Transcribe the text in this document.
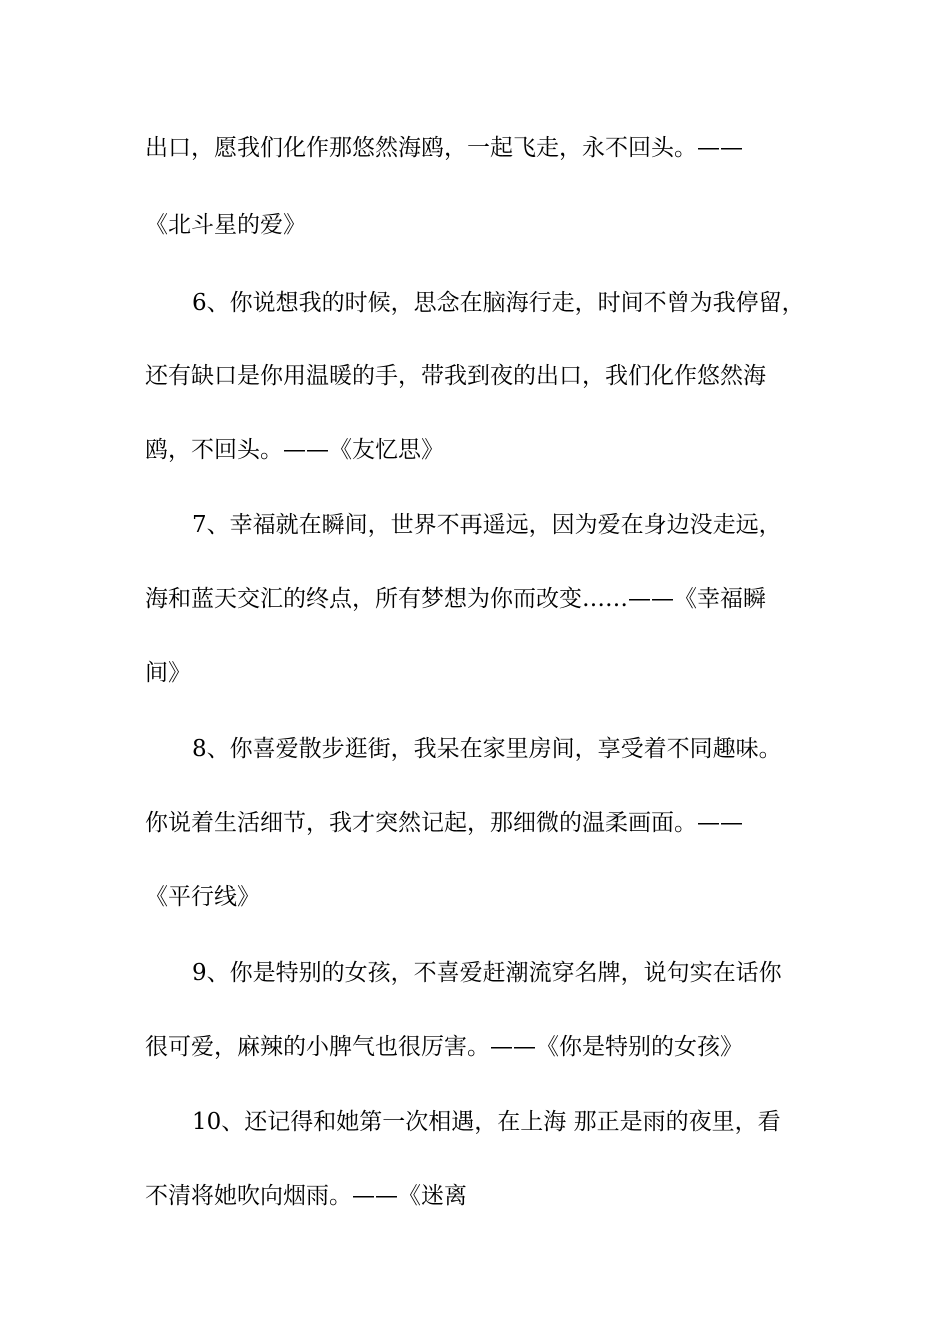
出口，愿我们化作那悠然海鸥，一起飞走，永不回头。——
《北斗星的爱》
6、你说想我的时候，思念在脑海行走，时间不曾为我停留，
还有缺口是你用温暖的手，带我到夜的出口，我们化作悠然海
鸥，不回头。——《友忆思》
7、幸福就在瞬间，世界不再遥远，因为爱在身边没走远，
海和蓝天交汇的终点，所有梦想为你而改变……——《幸福瞬
间》
8、你喜爱散步逛街，我呆在家里房间，享受着不同趣味。
你说着生活细节，我才突然记起，那细微的温柔画面。——
《平行线》
9、你是特别的女孩，不喜爱赶潮流穿名牌，说句实在话你
很可爱，麻辣的小脾气也很厉害。——《你是特别的女孩》
10、还记得和她第一次相遇，在上海 那正是雨的夜里，看
不清将她吹向烟雨。——《迷离
